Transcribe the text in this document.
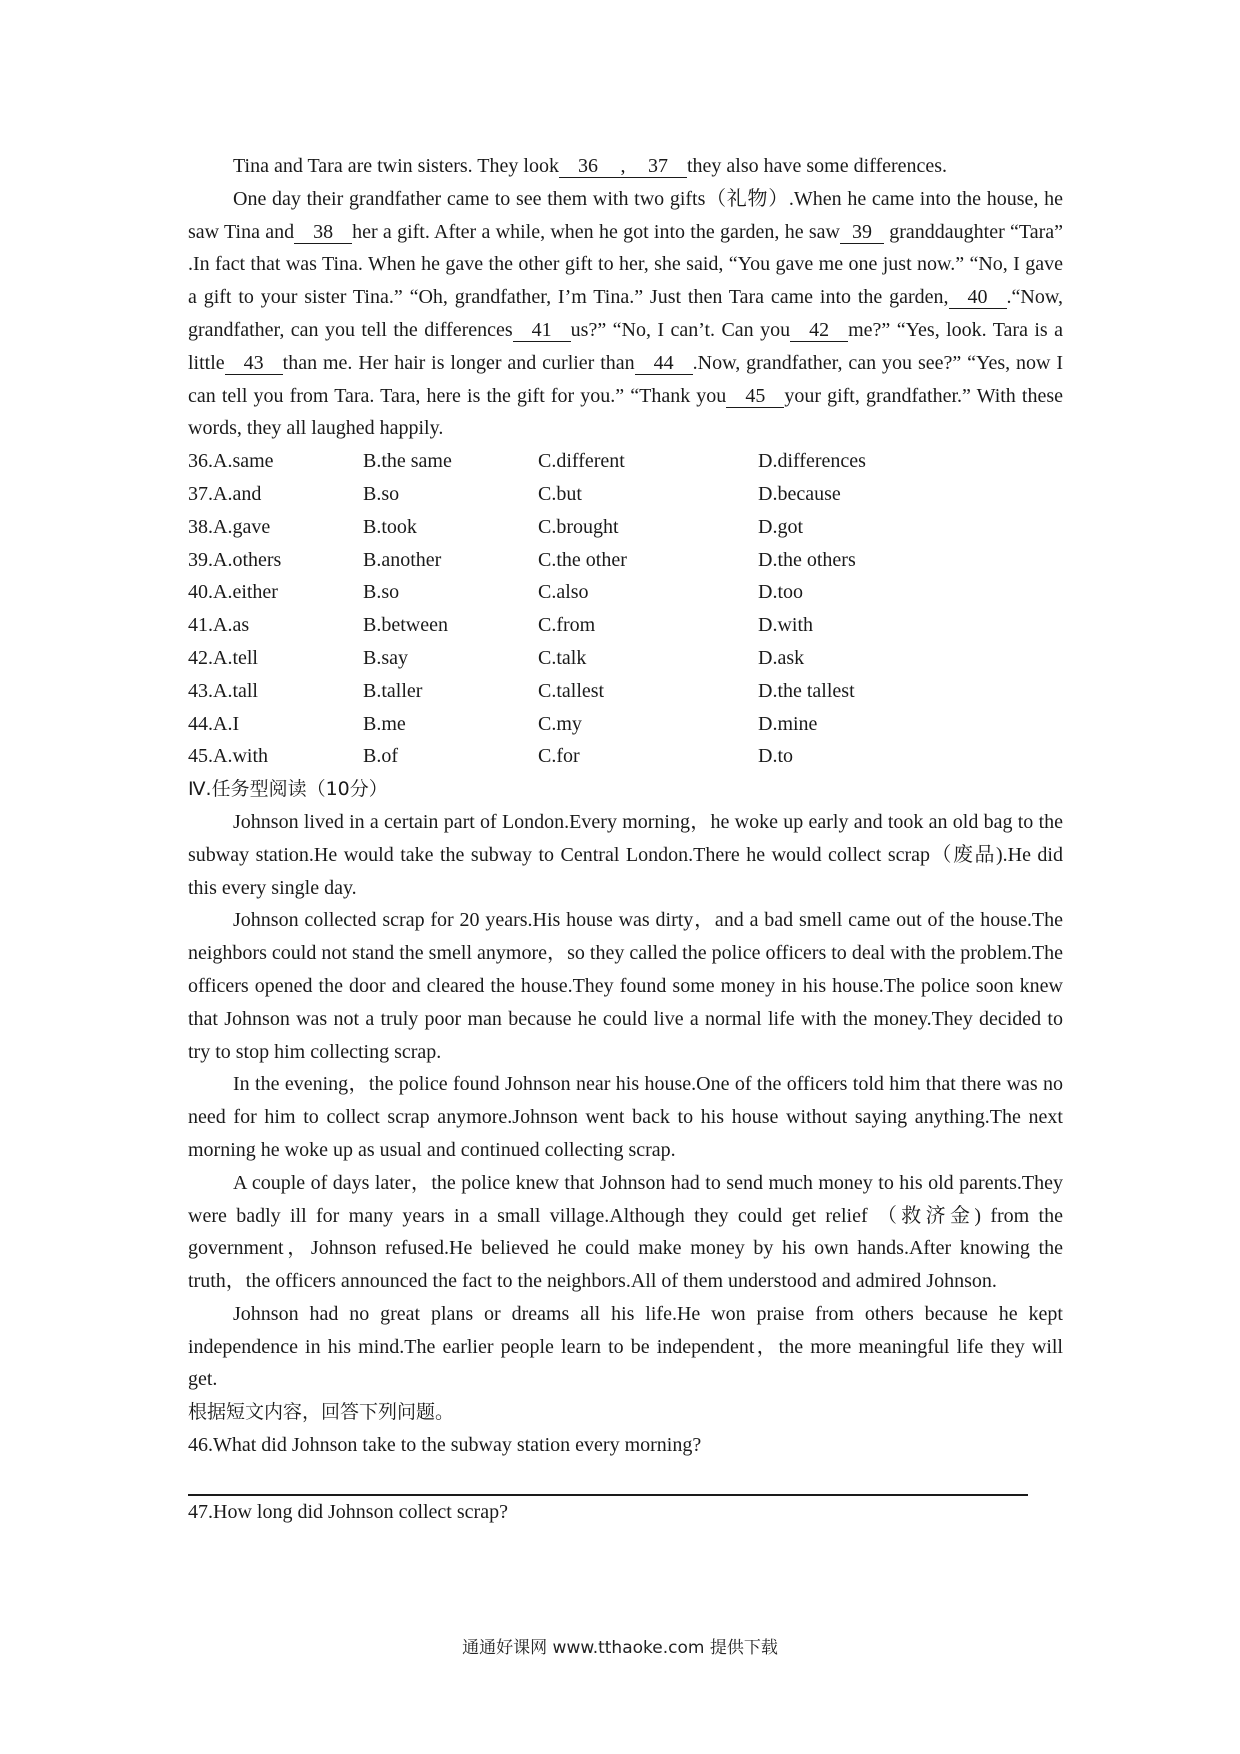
Tina and Tara are twin sisters. They look 36 , 37 they also have some differences.

One day their grandfather came to see them with two gifts（礼物）.When he came into the house, he saw Tina and 38 her a gift. After a while, when he got into the garden, he saw 39 granddaughter “Tara” .In fact that was Tina. When he gave the other gift to her, she said, “You gave me one just now.” “No, I gave a gift to your sister Tina.” “Oh, grandfather, I’m Tina.” Just then Tara came into the garden, 40 .“Now, grandfather, can you tell the differences 41 us?” “No, I can’t. Can you 42 me?” “Yes, look. Tara is a little 43 than me. Her hair is longer and curlier than 44 .Now, grandfather, can you see?” “Yes, now I can tell you from Tara. Tara, here is the gift for you.” “Thank you 45 your gift, grandfather.” With these words, they all laughed happily.

36.A.same	B.the same	C.different	D.differences
37.A.and	B.so	C.but	D.because
38.A.gave	B.took	C.brought	D.got
39.A.others	B.another	C.the other	D.the others
40.A.either	B.so	C.also	D.too
41.A.as	B.between	C.from	D.with
42.A.tell	B.say	C.talk	D.ask
43.A.tall	B.taller	C.tallest	D.the tallest
44.A.I	B.me	C.my	D.mine
45.A.with	B.of	C.for	D.to

Ⅳ.任务型阅读（10分）

Johnson lived in a certain part of London.Every morning，he woke up early and took an old bag to the subway station.He would take the subway to Central London.There he would collect scrap（废品).He did this every single day.

Johnson collected scrap for 20 years.His house was dirty，and a bad smell came out of the house.The neighbors could not stand the smell anymore，so they called the police officers to deal with the problem.The officers opened the door and cleared the house.They found some money in his house.The police soon knew that Johnson was not a truly poor man because he could live a normal life with the money.They decided to try to stop him collecting scrap.

In the evening，the police found Johnson near his house.One of the officers told him that there was no need for him to collect scrap anymore.Johnson went back to his house without saying anything.The next morning he woke up as usual and continued collecting scrap.

A couple of days later，the police knew that Johnson had to send much money to his old parents.They were badly ill for many years in a small village.Although they could get relief （救济金) from the government，Johnson refused.He believed he could make money by his own hands.After knowing the truth，the officers announced the fact to the neighbors.All of them understood and admired Johnson.

Johnson had no great plans or dreams all his life.He won praise from others because he kept independence in his mind.The earlier people learn to be independent，the more meaningful life they will get.

根据短文内容，回答下列问题。

46.What did Johnson take to the subway station every morning?

47.How long did Johnson collect scrap?

通通好课网 www.tthaoke.com 提供下载
